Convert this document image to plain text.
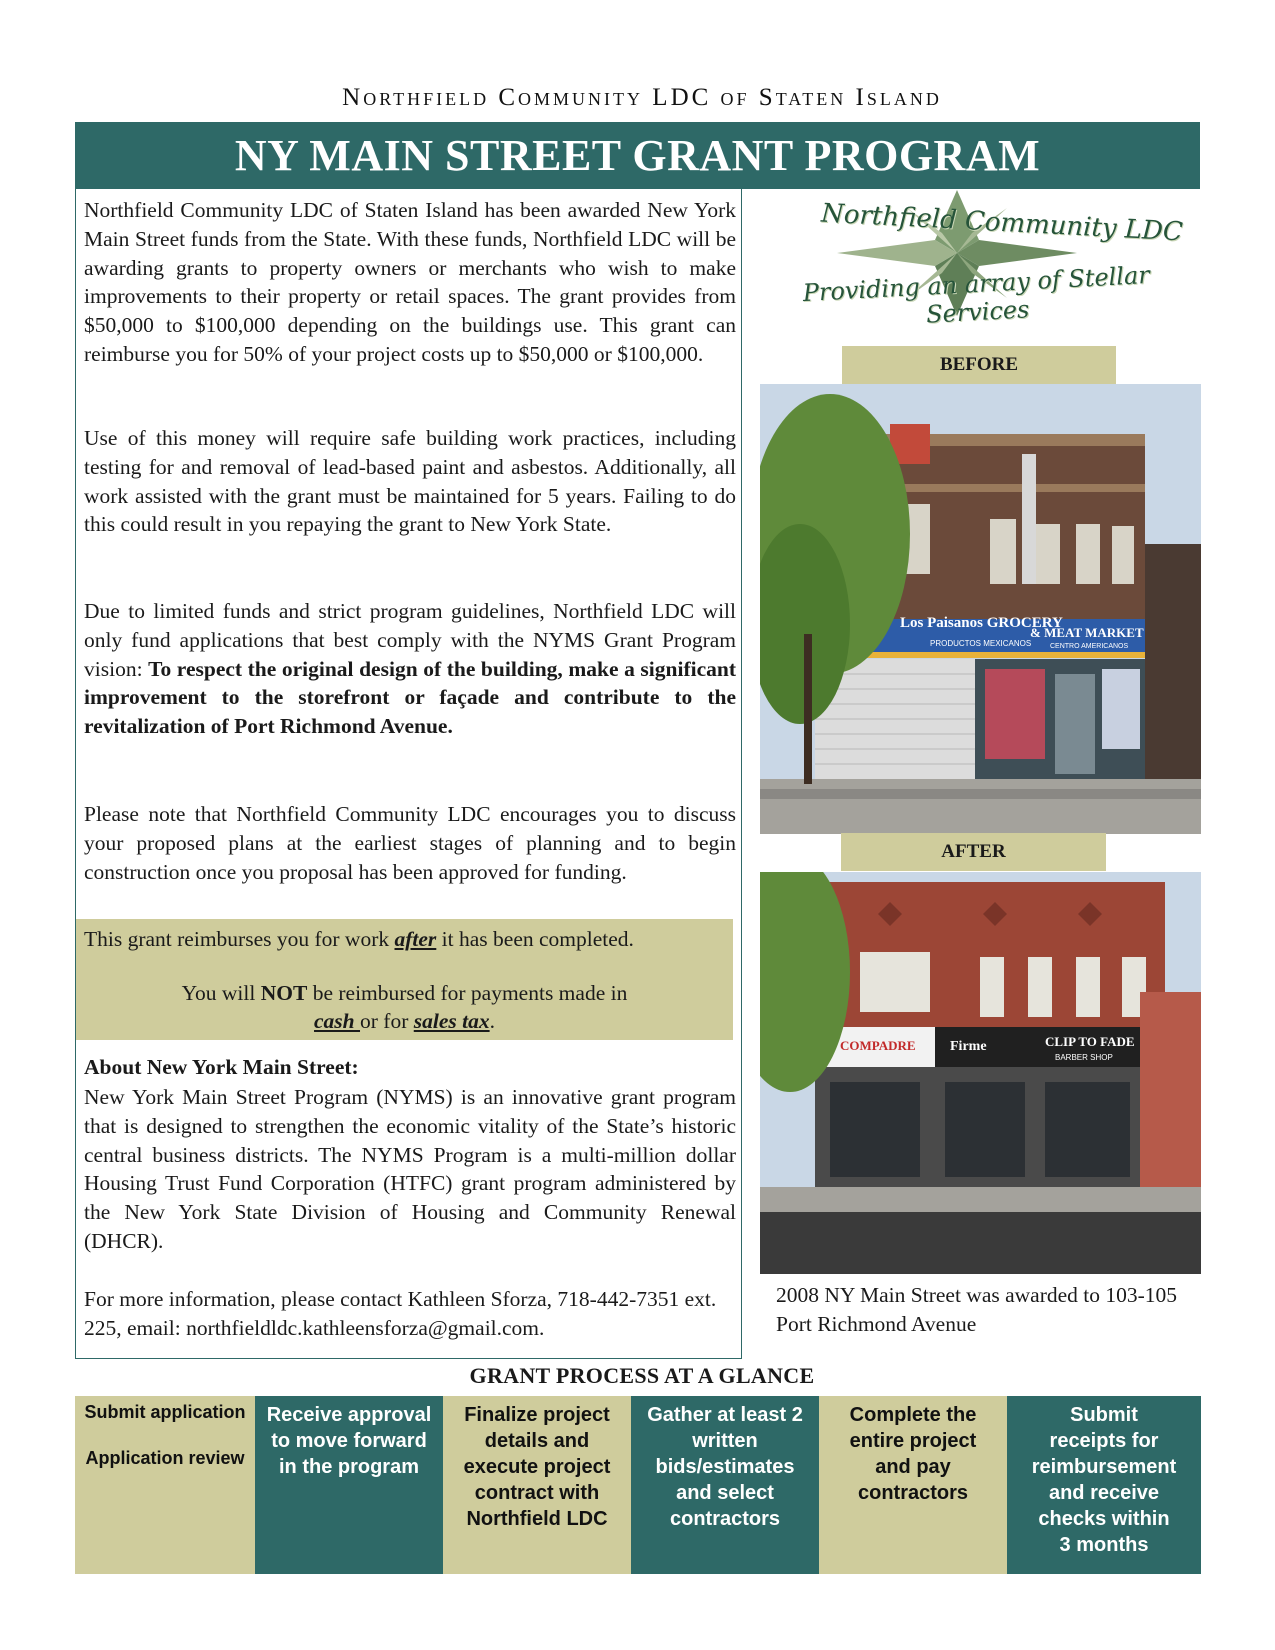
Northfield Community LDC of Staten Island
NY MAIN STREET GRANT PROGRAM
Northfield Community LDC of Staten Island has been awarded New York Main Street funds from the State. With these funds, Northfield LDC will be awarding grants to property owners or merchants who wish to make improvements to their property or retail spaces. The grant provides from $50,000 to $100,000 depending on the buildings use. This grant can reimburse you for 50% of your project costs up to $50,000 or $100,000.
Use of this money will require safe building work practices, including testing for and removal of lead-based paint and asbestos. Additionally, all work assisted with the grant must be maintained for 5 years. Failing to do this could result in you repaying the grant to New York State.
Due to limited funds and strict program guidelines, Northfield LDC will only fund applications that best comply with the NYMS Grant Program vision: To respect the original design of the building, make a significant improvement to the storefront or façade and contribute to the revitalization of Port Richmond Avenue.
Please note that Northfield Community LDC encourages you to discuss your proposed plans at the earliest stages of planning and to begin construction once you proposal has been approved for funding.
This grant reimburses you for work after it has been completed.
You will NOT be reimbursed for payments made in
cash or for sales tax.
About New York Main Street:
New York Main Street Program (NYMS) is an innovative grant program that is designed to strengthen the economic vitality of the State’s historic central business districts. The NYMS Program is a multi-million dollar Housing Trust Fund Corporation (HTFC) grant program administered by the New York State Division of Housing and Community Renewal (DHCR).
For more information, please contact Kathleen Sforza, 718-442-7351 ext. 225, email: northfieldldc.kathleensforza@gmail.com.
Northfield Community LDC
Providing an array of Stellar Services
BEFORE
Los Paisanos GROCERY
PRODUCTOS MEXICANOS
& MEAT MARKET
CENTRO AMERICANOS
AFTER
COMPADRE Firme	CLIP TO FADE
BARBER SHOP
2008 NY Main Street was awarded to 103-105 Port Richmond Avenue
GRANT PROCESS AT A GLANCE
Submit application
Application review
Receive approval to move forward in the program
Finalize project details and execute project contract with Northfield LDC
Gather at least 2 written bids/estimates and select contractors
Complete the entire project and pay contractors
Submit receipts for reimbursement and receive checks within 3 months
